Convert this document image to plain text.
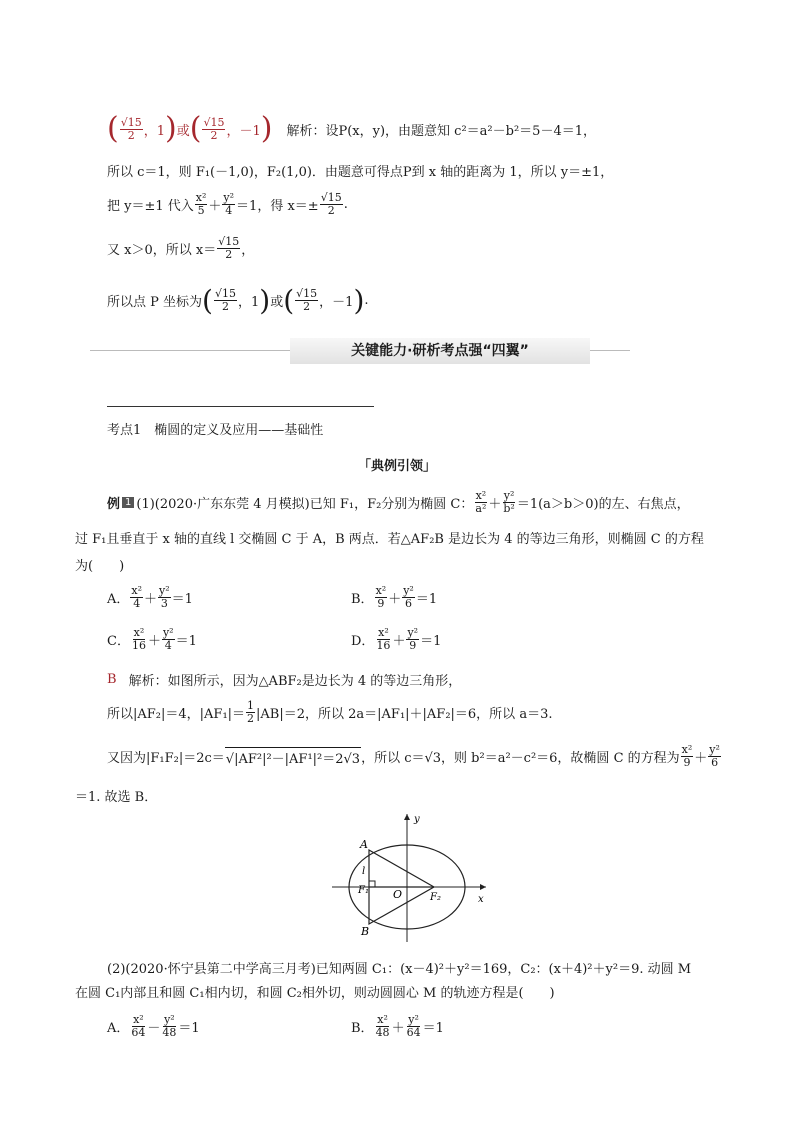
( $\frac{√15}{2}$ ，1 ) 或 ( $\frac{√15}{2}$ ，－1 ) 解析：设P(x，y)，由题意知 c²＝a²－b²＝5－4＝1，
所以 c＝1，则 F₁(－1,0)，F₂(1,0)．由题意可得点P到 x 轴的距离为 1，所以 y＝±1，
把 y＝±1 代入 $\frac{\text{x²}}{5} + \frac{\text{y²}}{4} =1$，得 $x=\pm \frac{√15}{2}$ .
又 x＞0，所以 $x= \frac{√15}{2}$ ，
所以点 P 坐标为 ( $\frac{√15}{2}$ ，1 ) 或 ( $\frac{√15}{2}$ ，－1 ) .
关键能力·研析考点强“四翼”
考点1　椭圆的定义及应用——基础性
「典例引领」
例 1 (1)(2020·广东东莞 4 月模拟)已知 F₁，F₂分别为椭圆 C： $\frac{\text{x²}}{\text{a²}} + \frac{\text{y²}}{\text{b²}} =1(a>b>0)$的左、右焦点，
过 F₁且垂直于 x 轴的直线 l 交椭圆 C 于 A，B 两点．若△AF₂B 是边长为 4 的等边三角形，则椭圆 C 的方程
为(　　)
A． $\frac{\text{x²}}{4} + \frac{\text{y²}}{3} =1$	B． $\frac{\text{x²}}{9} + \frac{\text{y²}}{6} =1$
C． $\frac{\text{x²}}{16} + \frac{\text{y²}}{4} =1$	D． $\frac{\text{x²}}{16} + \frac{\text{y²}}{9} =1$
B 解析：如图所示，因为△ABF₂是边长为 4 的等边三角形，
所以|AF₂|＝4，$|AF_1|= \frac{1}{2} |AB|=2$，所以 2a＝|AF₁|＋|AF₂|＝6，所以 a＝3.
又因为|F₁F₂|＝2c＝ √|AF²|²－|AF¹|²＝2√3 ，所以 c＝√3，则 b²＝a²－c²＝6，故椭圆 C 的方程为 $\frac{\text{x²}}{9} + \frac{\text{y²}}{6}$
＝1. 故选 B．
A
B
F₁
F₂
O
l
x
y
(2)(2020·怀宁县第二中学高三月考)已知两圆 C₁：(x－4)²＋y²＝169，C₂：(x＋4)²＋y²＝9. 动圆 M
在圆 C₁内部且和圆 C₁相内切，和圆 C₂相外切，则动圆圆心 M 的轨迹方程是(　　)
A． $\frac{\text{x²}}{64} - \frac{\text{y²}}{48} =1$	B． $\frac{\text{x²}}{48} + \frac{\text{y²}}{64} =1$
